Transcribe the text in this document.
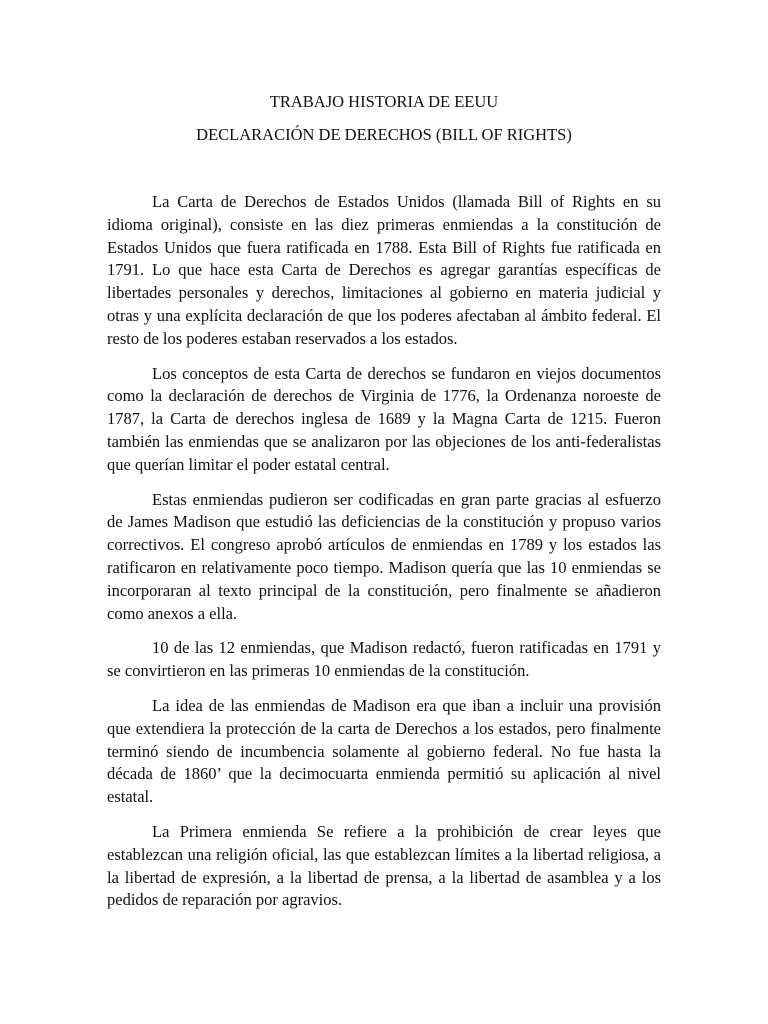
TRABAJO HISTORIA DE EEUU

DECLARACIÓN DE DERECHOS (BILL OF RIGHTS)

La Carta de Derechos de Estados Unidos (llamada Bill of Rights en su idioma original), consiste en las diez primeras enmiendas a la constitución de Estados Unidos que fuera ratificada en 1788. Esta Bill of Rights fue ratificada en 1791. Lo que hace esta Carta de Derechos es agregar garantías específicas de libertades personales y derechos, limitaciones al gobierno en materia judicial y otras y una explícita declaración de que los poderes afectaban al ámbito federal. El resto de los poderes estaban reservados a los estados.

Los conceptos de esta Carta de derechos se fundaron en viejos documentos como la declaración de derechos de Virginia de 1776, la Ordenanza noroeste de 1787, la Carta de derechos inglesa de 1689 y la Magna Carta de 1215. Fueron también las enmiendas que se analizaron por las objeciones de los anti-federalistas que querían limitar el poder estatal central.

Estas enmiendas pudieron ser codificadas en gran parte gracias al esfuerzo de James Madison que estudió las deficiencias de la constitución y propuso varios correctivos. El congreso aprobó artículos de enmiendas en 1789 y los estados las ratificaron en relativamente poco tiempo. Madison quería que las 10 enmiendas se incorporaran al texto principal de la constitución, pero finalmente se añadieron como anexos a ella.

10 de las 12 enmiendas, que Madison redactó, fueron ratificadas en 1791 y se convirtieron en las primeras 10 enmiendas de la constitución.

La idea de las enmiendas de Madison era que iban a incluir una provisión que extendiera la protección de la carta de Derechos a los estados, pero finalmente terminó siendo de incumbencia solamente al gobierno federal. No fue hasta la década de 1860’ que la decimocuarta enmienda permitió su aplicación al nivel estatal.

La Primera enmienda Se refiere a la prohibición de crear leyes que establezcan una religión oficial, las que establezcan límites a la libertad religiosa, a la libertad de expresión, a la libertad de prensa, a la libertad de asamblea y a los pedidos de reparación por agravios.
